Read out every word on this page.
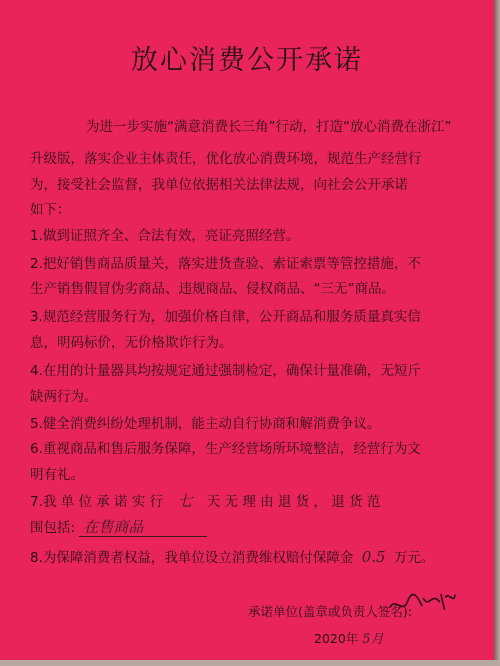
放心消费公开承诺
为进一步实施“满意消费长三角”行动，打造“放心消费在浙江”
升级版，落实企业主体责任，优化放心消费环境，规范生产经营行
为，接受社会监督，我单位依据相关法律法规，向社会公开承诺
如下：
1.做到证照齐全、合法有效，亮证亮照经营。
2.把好销售商品质量关，落实进货查验、索证索票等管控措施，不
生产销售假冒伪劣商品、违规商品、侵权商品、“三无”商品。
3.规范经营服务行为，加强价格自律，公开商品和服务质量真实信
息，明码标价，无价格欺诈行为。
4.在用的计量器具均按规定通过强制检定，确保计量准确，无短斤
缺两行为。
5.健全消费纠纷处理机制，能主动自行协商和解消费争议。
6.重视商品和售后服务保障，生产经营场所环境整洁，经营行为文
明有礼。
7.我 单 位 承 诺 实 行 七 天 无 理 由 退 货 ， 退 货 范
围包括: 在售商品
8.为保障消费者权益，我单位设立消费维权赔付保障金 0.5 万元。
承诺单位(盖章或负责人签名):
2020年 5月
